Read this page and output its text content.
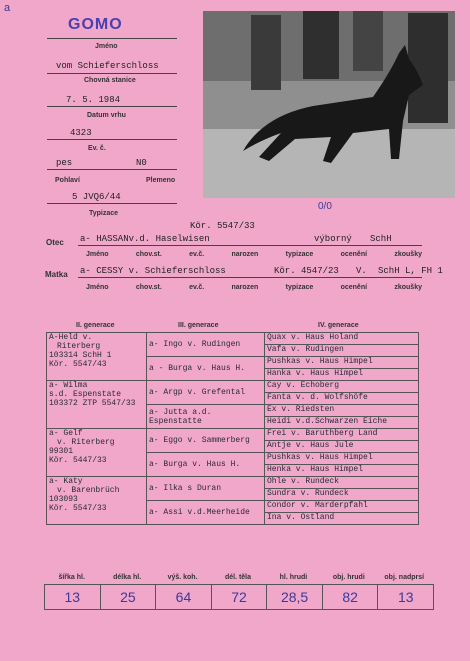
a
GOMO
Jméno
vom Schieferschloss
Chovná stanice
7. 5. 1984
Datum vrhu
4323
Ev. č.
pes	N0
Pohlaví	Plemeno
5 JVQ6/44
Typizace
0/0
Kör. 5547/33
Otec a- HASSANv.d. Haselwisen	výborný SchH
Jméno	chov.st.	ev.č.	narozen	typizace	ocenění	zkoušky
Matka a- CESSY v. Schieferschloss	Kör. 4547/23 V. SchH L, FH 1
Jméno	chov.st.	ev.č.	narozen	typizace	ocenění	zkoušky
II. generace	III. generace	IV. generace
A-Held v.
Riterberg
103314 SchH 1
Kör. 5547/43	a- Ingo v. Rudingen	Quax v. Haus Holand
		Vafa v. Rudingen
	a - Burga v. Haus H.	Pushkas v. Haus Himpel
		Hanka v. Haus Himpel

a- Wilma
s.d. Espenstate
103372 ZTP 5547/33	a- Argp v. Grefental	Cay v. Echoberg
		Fanta v. d. Wolfshöfe
	a- Jutta a.d. Espenstatte	Ex v. Riedsten
		Heidi v.d.Schwarzen Eiche

a- Gelf
v. Riterberg
99301
Kör. 5447/33	a- Eggo v. Sammerberg	Frei v. Baruthberg Land
		Antje v. Haus Jule
	a- Burga v. Haus H.	Pushkas v. Haus Himpel
		Henka v. Haus Himpel

a- Katy
v. Barenbrüch
103093
Kör. 5547/33	a- Ilka s Duran	Ohle v. Rundeck
		Sundra v. Rundeck
	a- Assi v.d.Meerheide	Condor v. Marderpfahl
		Ina v. Ostland
šířka hl.	délka hl.	výš. koh.	dél. těla	hl. hrudi	obj. hrudi	obj. nadprsí
13	25	64	72	28,5	82	13
